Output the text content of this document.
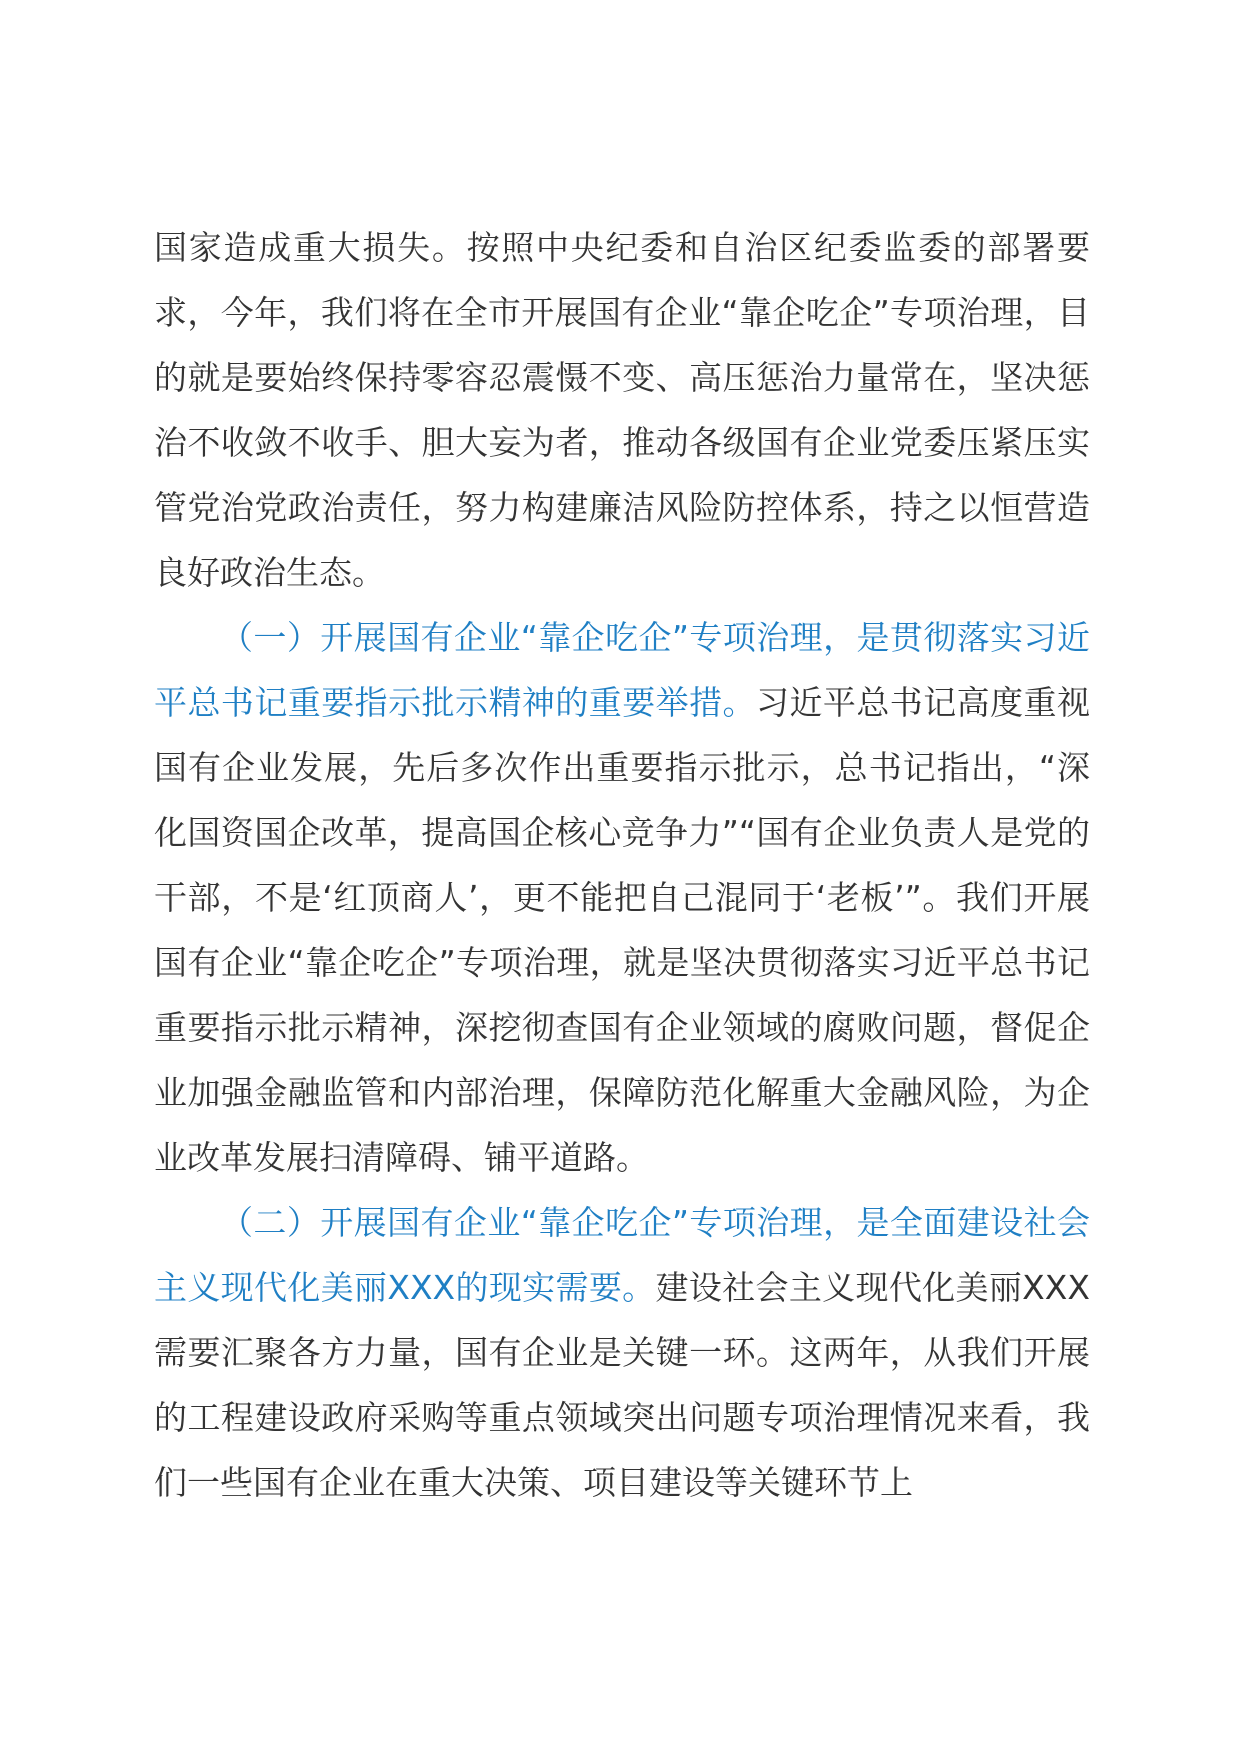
国家造成重大损失。按照中央纪委和自治区纪委监委的部署要求，今年，我们将在全市开展国有企业“靠企吃企”专项治理，目的就是要始终保持零容忍震慑不变、高压惩治力量常在，坚决惩治不收敛不收手、胆大妄为者，推动各级国有企业党委压紧压实管党治党政治责任，努力构建廉洁风险防控体系，持之以恒营造良好政治生态。

（一）开展国有企业“靠企吃企”专项治理，是贯彻落实习近平总书记重要指示批示精神的重要举措。习近平总书记高度重视国有企业发展，先后多次作出重要指示批示，总书记指出，“深化国资国企改革，提高国企核心竞争力”“国有企业负责人是党的干部，不是‘红顶商人’，更不能把自己混同于‘老板’”。我们开展国有企业“靠企吃企”专项治理，就是坚决贯彻落实习近平总书记重要指示批示精神，深挖彻查国有企业领域的腐败问题，督促企业加强金融监管和内部治理，保障防范化解重大金融风险，为企业改革发展扫清障碍、铺平道路。

（二）开展国有企业“靠企吃企”专项治理，是全面建设社会主义现代化美丽XXX的现实需要。建设社会主义现代化美丽XXX需要汇聚各方力量，国有企业是关键一环。这两年，从我们开展的工程建设政府采购等重点领域突出问题专项治理情况来看，我们一些国有企业在重大决策、项目建设等关键环节上
